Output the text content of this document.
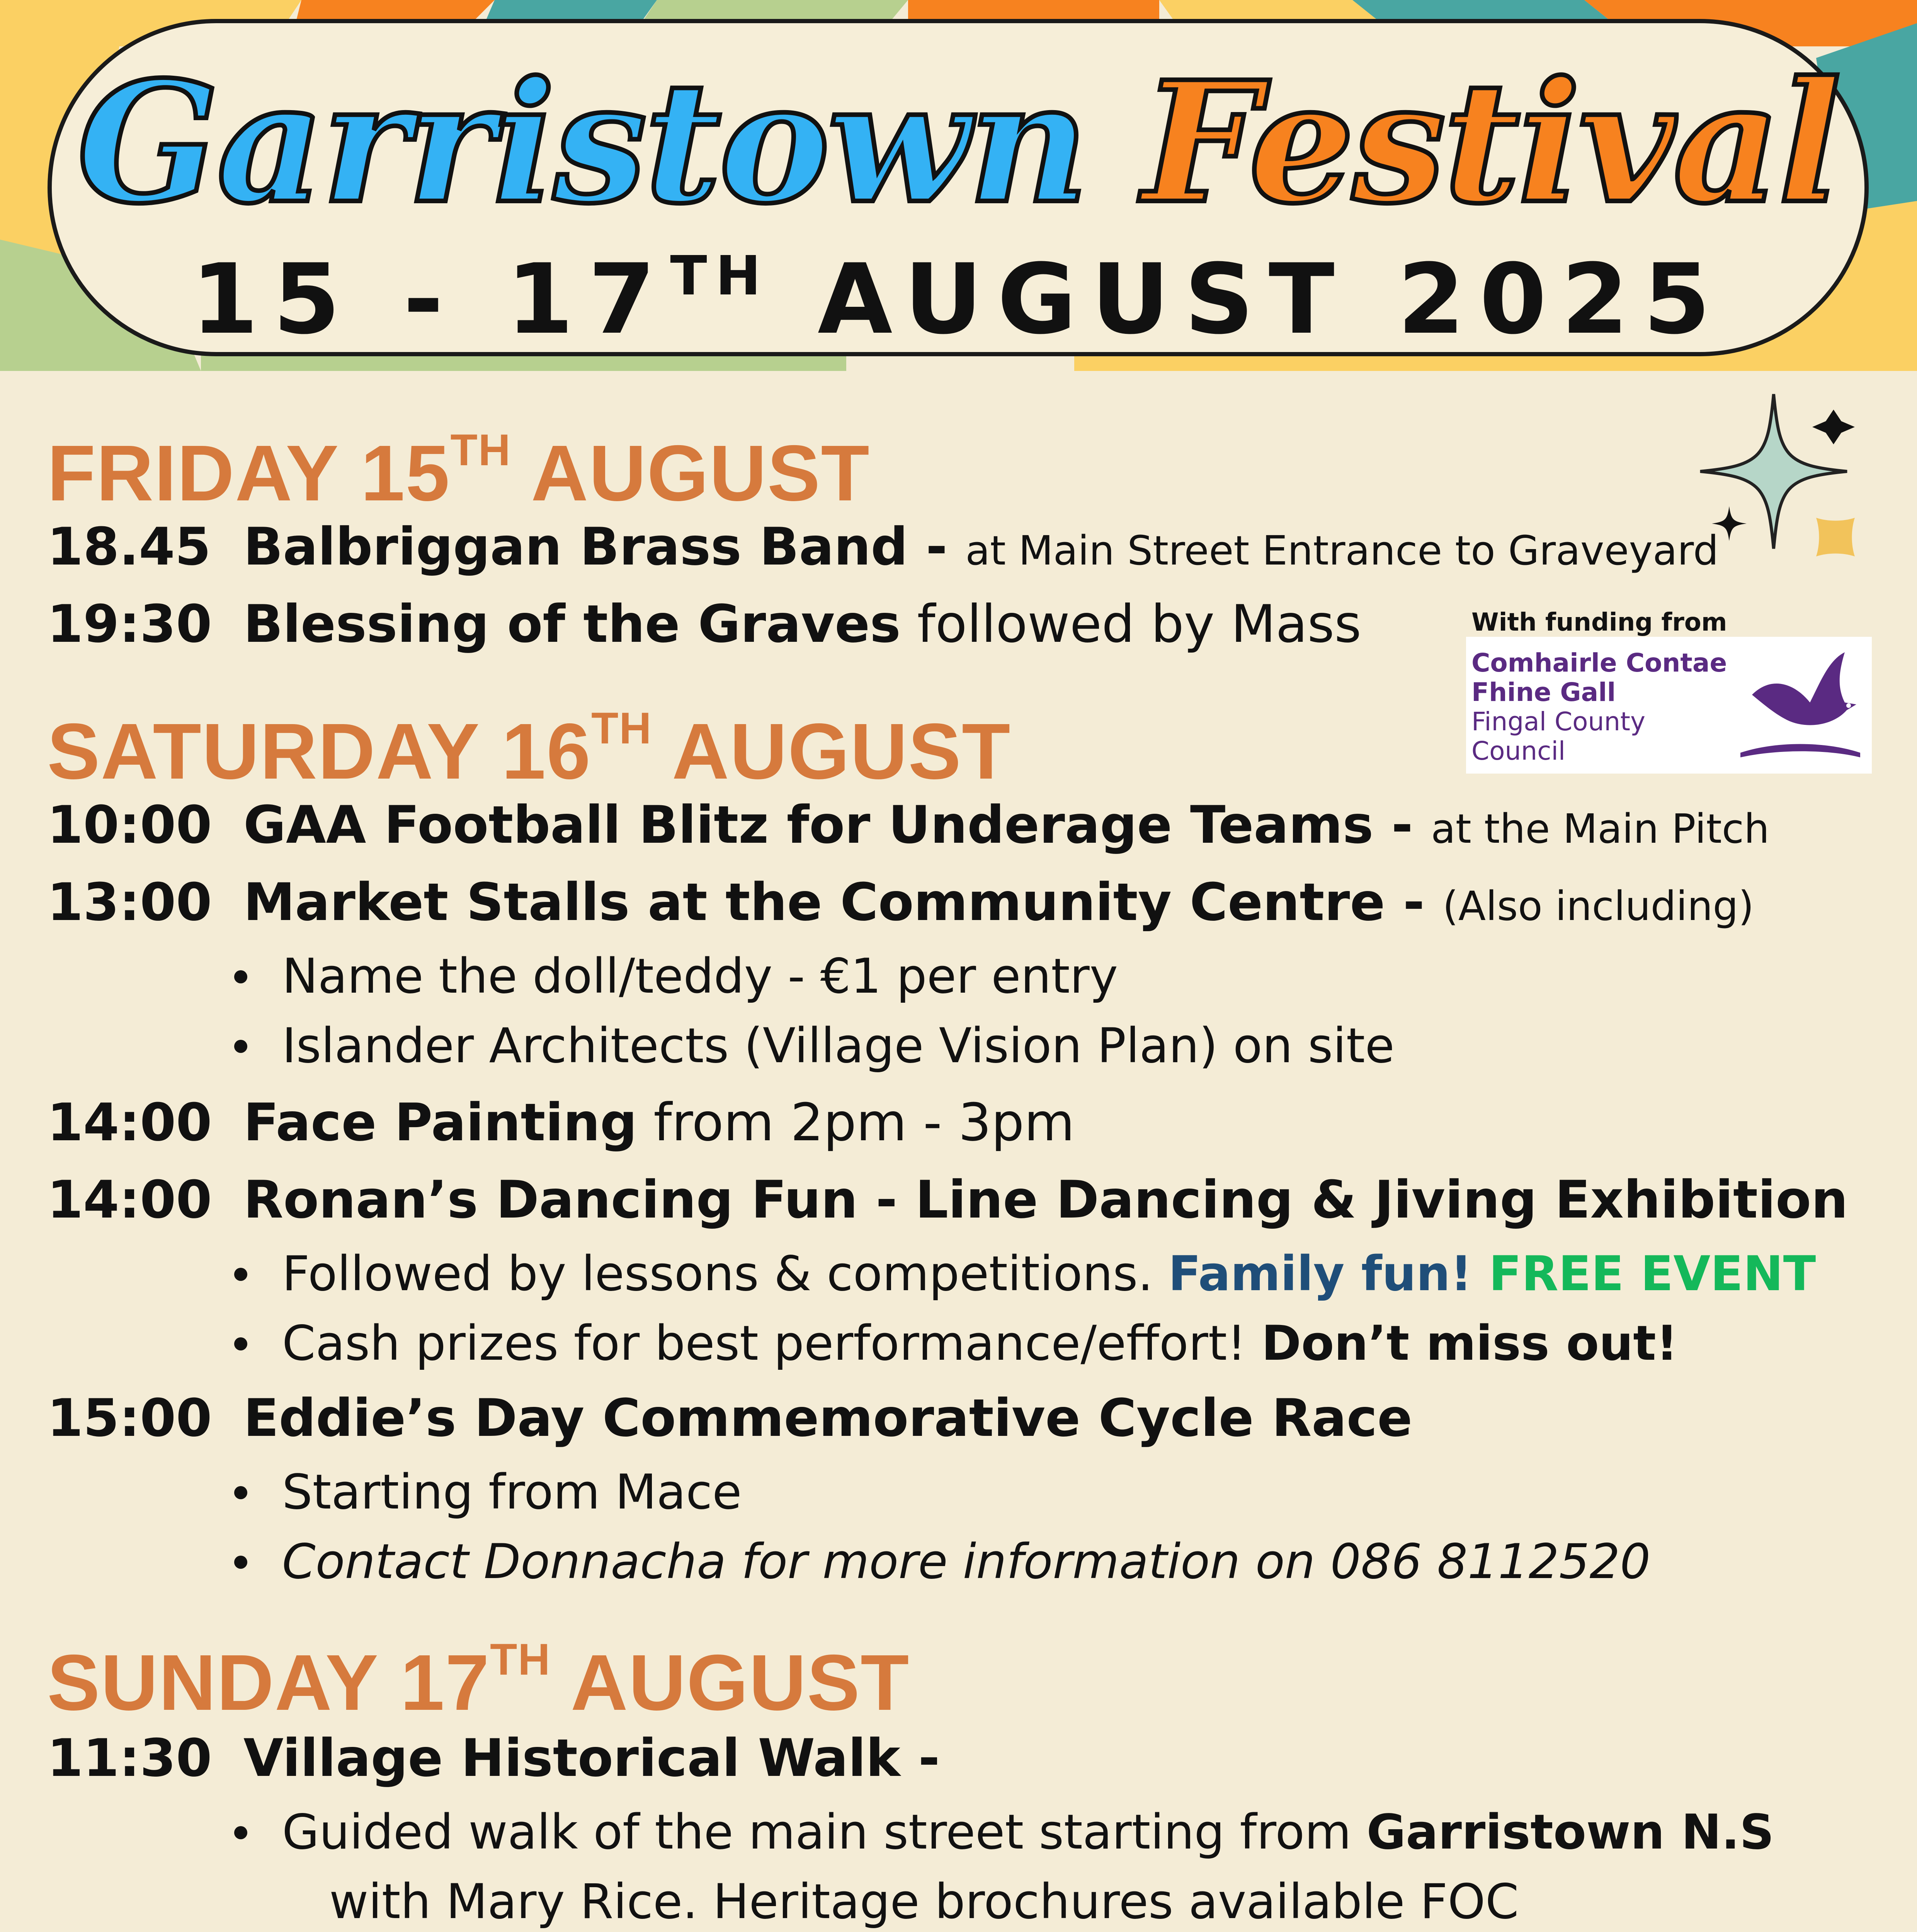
Garristown Festival
15 - 17TH AUGUST 2025
FRIDAY 15TH AUGUST
18.45 Balbriggan Brass Band - at Main Street Entrance to Graveyard
19:30 Blessing of the Graves followed by Mass	With funding from
Comhairle Contae
Fhine Gall
Fingal County
Council
SATURDAY 16TH AUGUST
10:00 GAA Football Blitz for Underage Teams - at the Main Pitch
13:00 Market Stalls at the Community Centre - (Also including)
Name the doll/teddy - €1 per entry
Islander Architects (Village Vision Plan) on site
14:00 Face Painting from 2pm - 3pm
14:00 Ronan’s Dancing Fun - Line Dancing & Jiving Exhibition
Followed by lessons & competitions. Family fun! FREE EVENT
Cash prizes for best performance/effort! Don’t miss out!
15:00 Eddie’s Day Commemorative Cycle Race
Starting from Mace
Contact Donnacha for more information on 086 8112520
SUNDAY 17TH AUGUST
11:30 Village Historical Walk -
Guided walk of the main street starting from Garristown N.S
with Mary Rice. Heritage brochures available FOC
